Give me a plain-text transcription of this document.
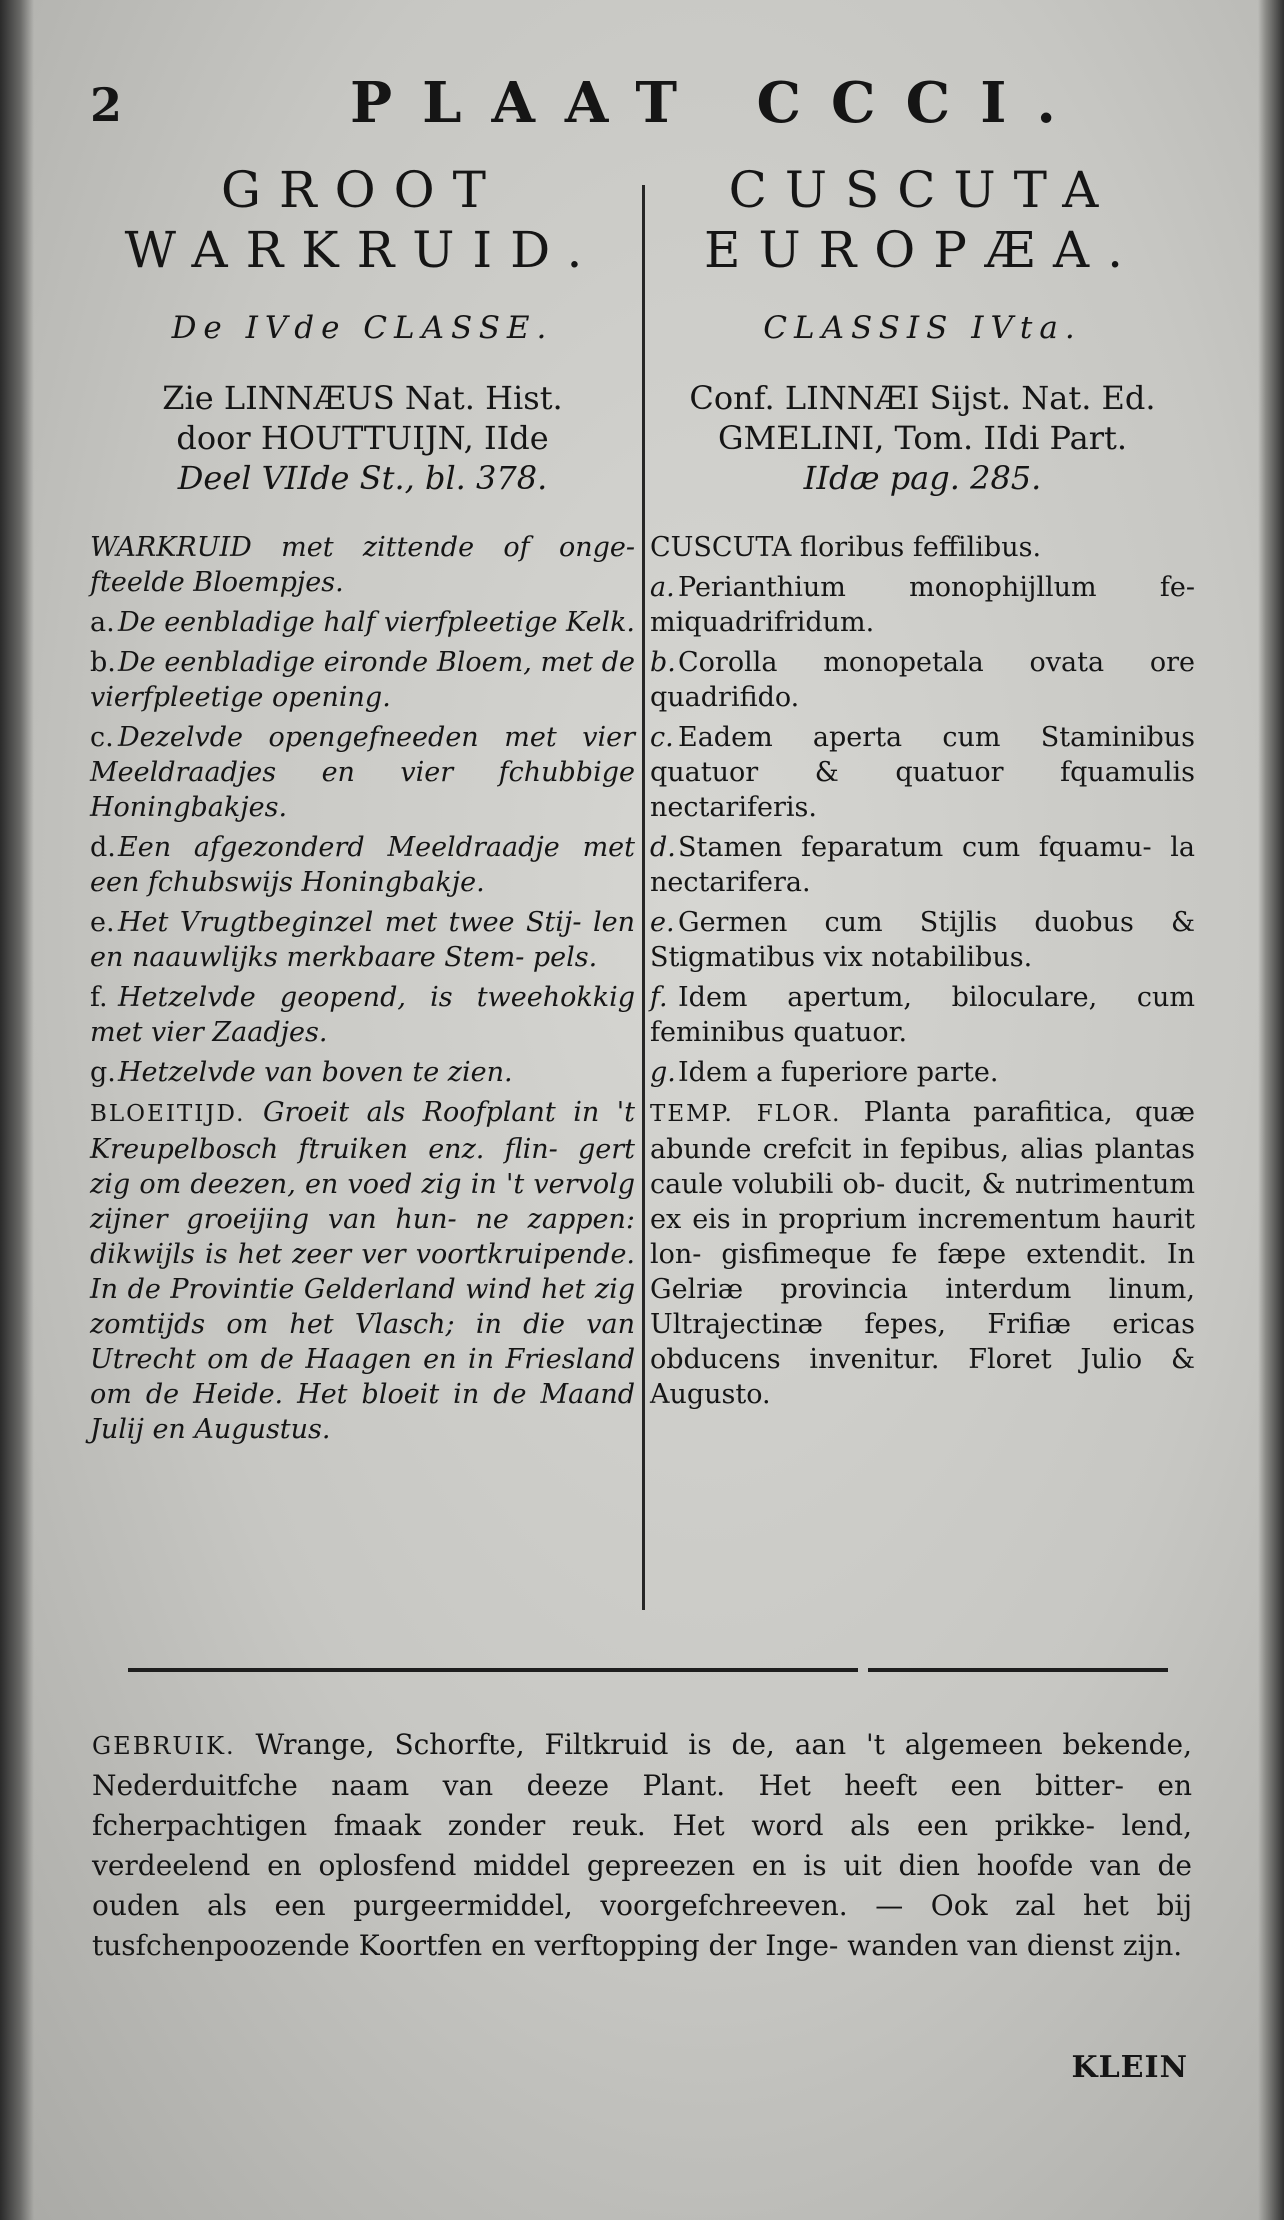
2	PLAAT CCCI.
GROOT
WARKRUID.
De IVde CLASSE.
Zie LINNÆUS Nat. Hist.
door HOUTTUIJN, IIde
Deel VIIde St., bl. 378.
WARKRUID met zittende of onge- fteelde Bloempjes.
a. De eenbladige half vierfpleetige Kelk.
b.De eenbladige eironde Bloem, met de vierfpleetige opening.
c. Dezelvde opengefneeden met vier Meeldraadjes en vier fchubbige Honingbakjes.
d.Een afgezonderd Meeldraadje met een fchubswijs Honingbakje.
e. Het Vrugtbeginzel met twee Stij- len en naauwlijks merkbaare Stem- pels.
f. Hetzelvde geopend, is tweehokkig met vier Zaadjes.
g.Hetzelvde van boven te zien.
BLOEITIJD. Groeit als Roofplant in 't Kreupelbosch ftruiken enz. flin- gert zig om deezen, en voed zig in 't vervolg zijner groeijing van hun- ne zappen: dikwijls is het zeer ver voortkruipende. In de Provintie Gelderland wind het zig zomtijds om het Vlasch; in die van Utrecht om de Haagen en in Friesland om de Heide. Het bloeit in de Maand Julij en Augustus.
CUSCUTA
EUROPÆA.
CLASSIS IVta.
Conf. LINNÆI Sijst. Nat. Ed.
GMELINI, Tom. IIdi Part.
IIdæ pag. 285.
CUSCUTA floribus feffilibus.
a. Perianthium monophijllum fe- miquadrifridum.
b.Corolla monopetala ovata ore quadrifido.
c. Eadem aperta cum Staminibus quatuor & quatuor fquamulis nectariferis.
d.Stamen feparatum cum fquamu- la nectarifera.
e. Germen cum Stijlis duobus & Stigmatibus vix notabilibus.
f. Idem apertum, biloculare, cum feminibus quatuor.
g.Idem a fuperiore parte.
TEMP. FLOR. Planta parafitica, quæ abunde crefcit in fepibus, alias plantas caule volubili ob- ducit, & nutrimentum ex eis in proprium incrementum haurit lon- gisfimeque fe fæpe extendit. In Gelriæ provincia interdum linum, Ultrajectinæ fepes, Frifiæ ericas obducens invenitur. Floret Julio & Augusto.
GEBRUIK. Wrange, Schorfte, Filtkruid is de, aan 't algemeen bekende, Nederduitfche naam van deeze Plant. Het heeft een bitter- en fcherpachtigen fmaak zonder reuk. Het word als een prikke- lend, verdeelend en oplosfend middel gepreezen en is uit dien hoofde van de ouden als een purgeermiddel, voorgefchreeven. — Ook zal het bij tusfchenpoozende Koortfen en verftopping der Inge- wanden van dienst zijn.
KLEIN
